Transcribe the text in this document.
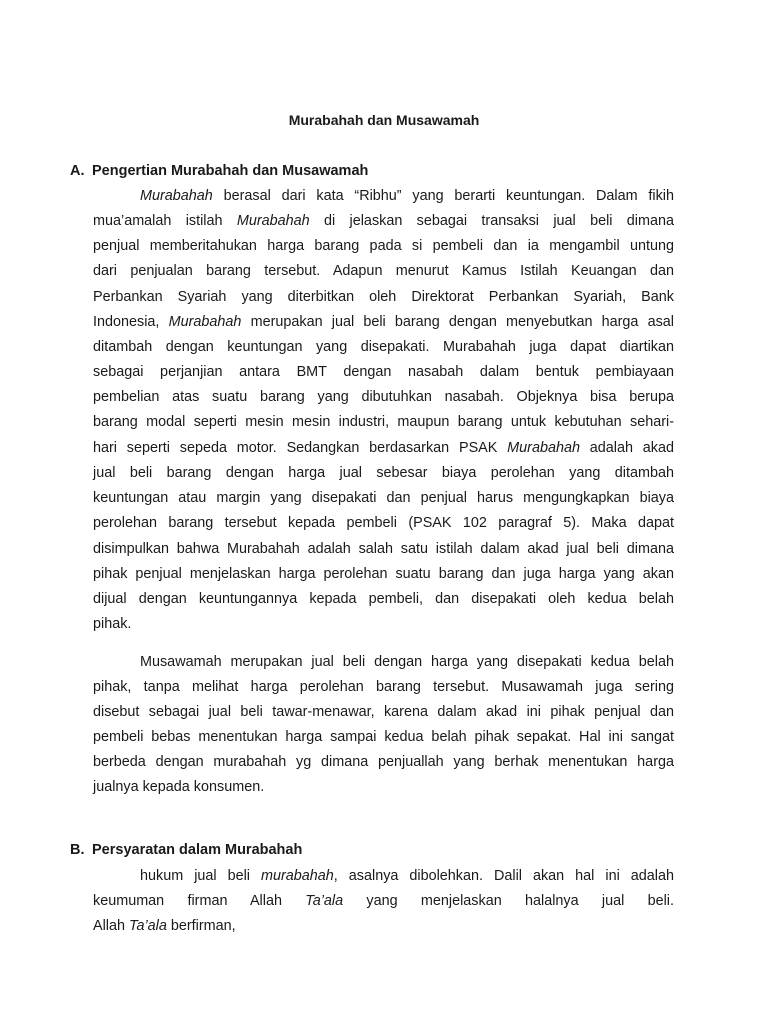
Murabahah dan Musawamah
A. Pengertian Murabahah dan Musawamah
Murabahah berasal dari kata “Ribhu” yang berarti keuntungan. Dalam fikih
mua’amalah istilah Murabahah di jelaskan sebagai transaksi jual beli dimana
penjual memberitahukan harga barang pada si pembeli dan ia mengambil untung
dari penjualan barang tersebut. Adapun menurut Kamus Istilah Keuangan dan
Perbankan Syariah yang diterbitkan oleh Direktorat Perbankan Syariah, Bank
Indonesia, Murabahah merupakan jual beli barang dengan menyebutkan harga asal
ditambah dengan keuntungan yang disepakati. Murabahah juga dapat diartikan
sebagai perjanjian antara BMT dengan nasabah dalam bentuk pembiayaan
pembelian atas suatu barang yang dibutuhkan nasabah. Objeknya bisa berupa
barang modal seperti mesin mesin industri, maupun barang untuk kebutuhan sehari-
hari seperti sepeda motor. Sedangkan berdasarkan PSAK Murabahah adalah akad
jual beli barang dengan harga jual sebesar biaya perolehan yang ditambah
keuntungan atau margin yang disepakati dan penjual harus mengungkapkan biaya
perolehan barang tersebut kepada pembeli (PSAK 102 paragraf 5). Maka dapat
disimpulkan bahwa Murabahah adalah salah satu istilah dalam akad jual beli dimana
pihak penjual menjelaskan harga perolehan suatu barang dan juga harga yang akan
dijual dengan keuntungannya kepada pembeli, dan disepakati oleh kedua belah
pihak.
Musawamah merupakan jual beli dengan harga yang disepakati kedua belah
pihak, tanpa melihat harga perolehan barang tersebut. Musawamah juga sering
disebut sebagai jual beli tawar-menawar, karena dalam akad ini pihak penjual dan
pembeli bebas menentukan harga sampai kedua belah pihak sepakat. Hal ini sangat
berbeda dengan murabahah yg dimana penjuallah yang berhak menentukan harga
jualnya kepada konsumen.
B. Persyaratan dalam Murabahah
hukum jual beli murabahah, asalnya dibolehkan. Dalil akan hal ini adalah
keumuman firman Allah Ta’ala yang menjelaskan halalnya jual beli.
Allah Ta’ala berfirman,
